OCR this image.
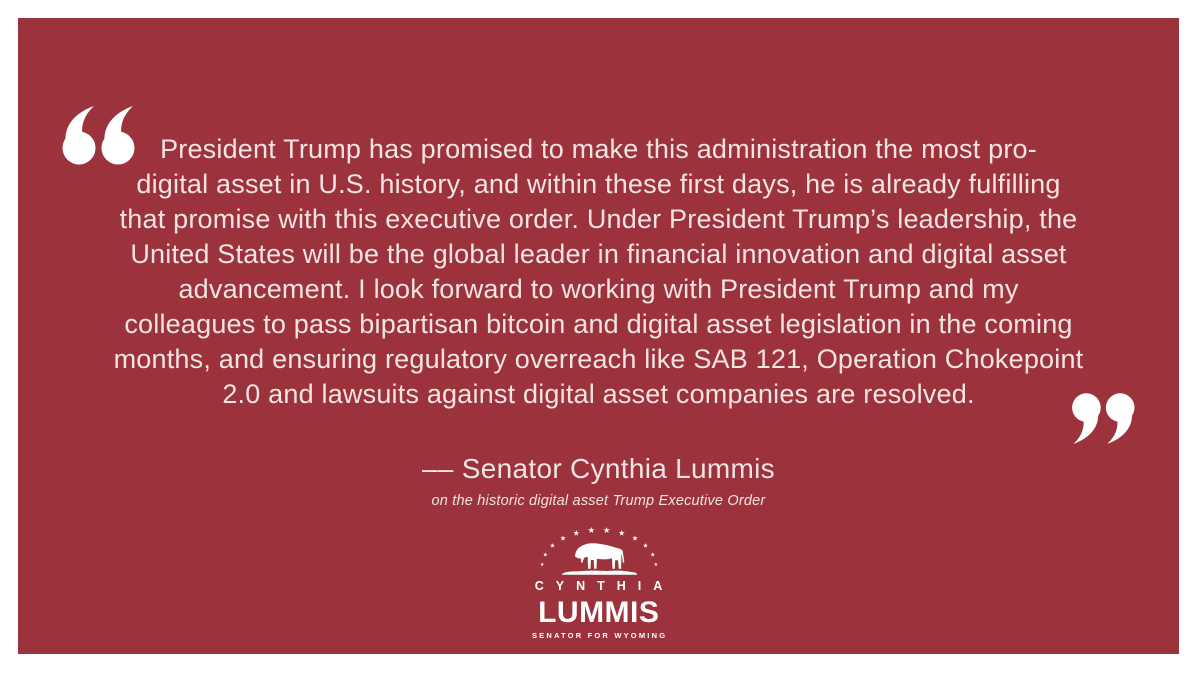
President Trump has promised to make this administration the most pro-
digital asset in U.S. history, and within these first days, he is already fulfilling
that promise with this executive order. Under President Trump’s leadership, the
United States will be the global leader in financial innovation and digital asset
advancement. I look forward to working with President Trump and my
colleagues to pass bipartisan bitcoin and digital asset legislation in the coming
months, and ensuring regulatory overreach like SAB 121, Operation Chokepoint
2.0 and lawsuits against digital asset companies are resolved.
–– Senator Cynthia Lummis
on the historic digital asset Trump Executive Order
CYNTHIA
LUMMIS
SENATOR FOR WYOMING
